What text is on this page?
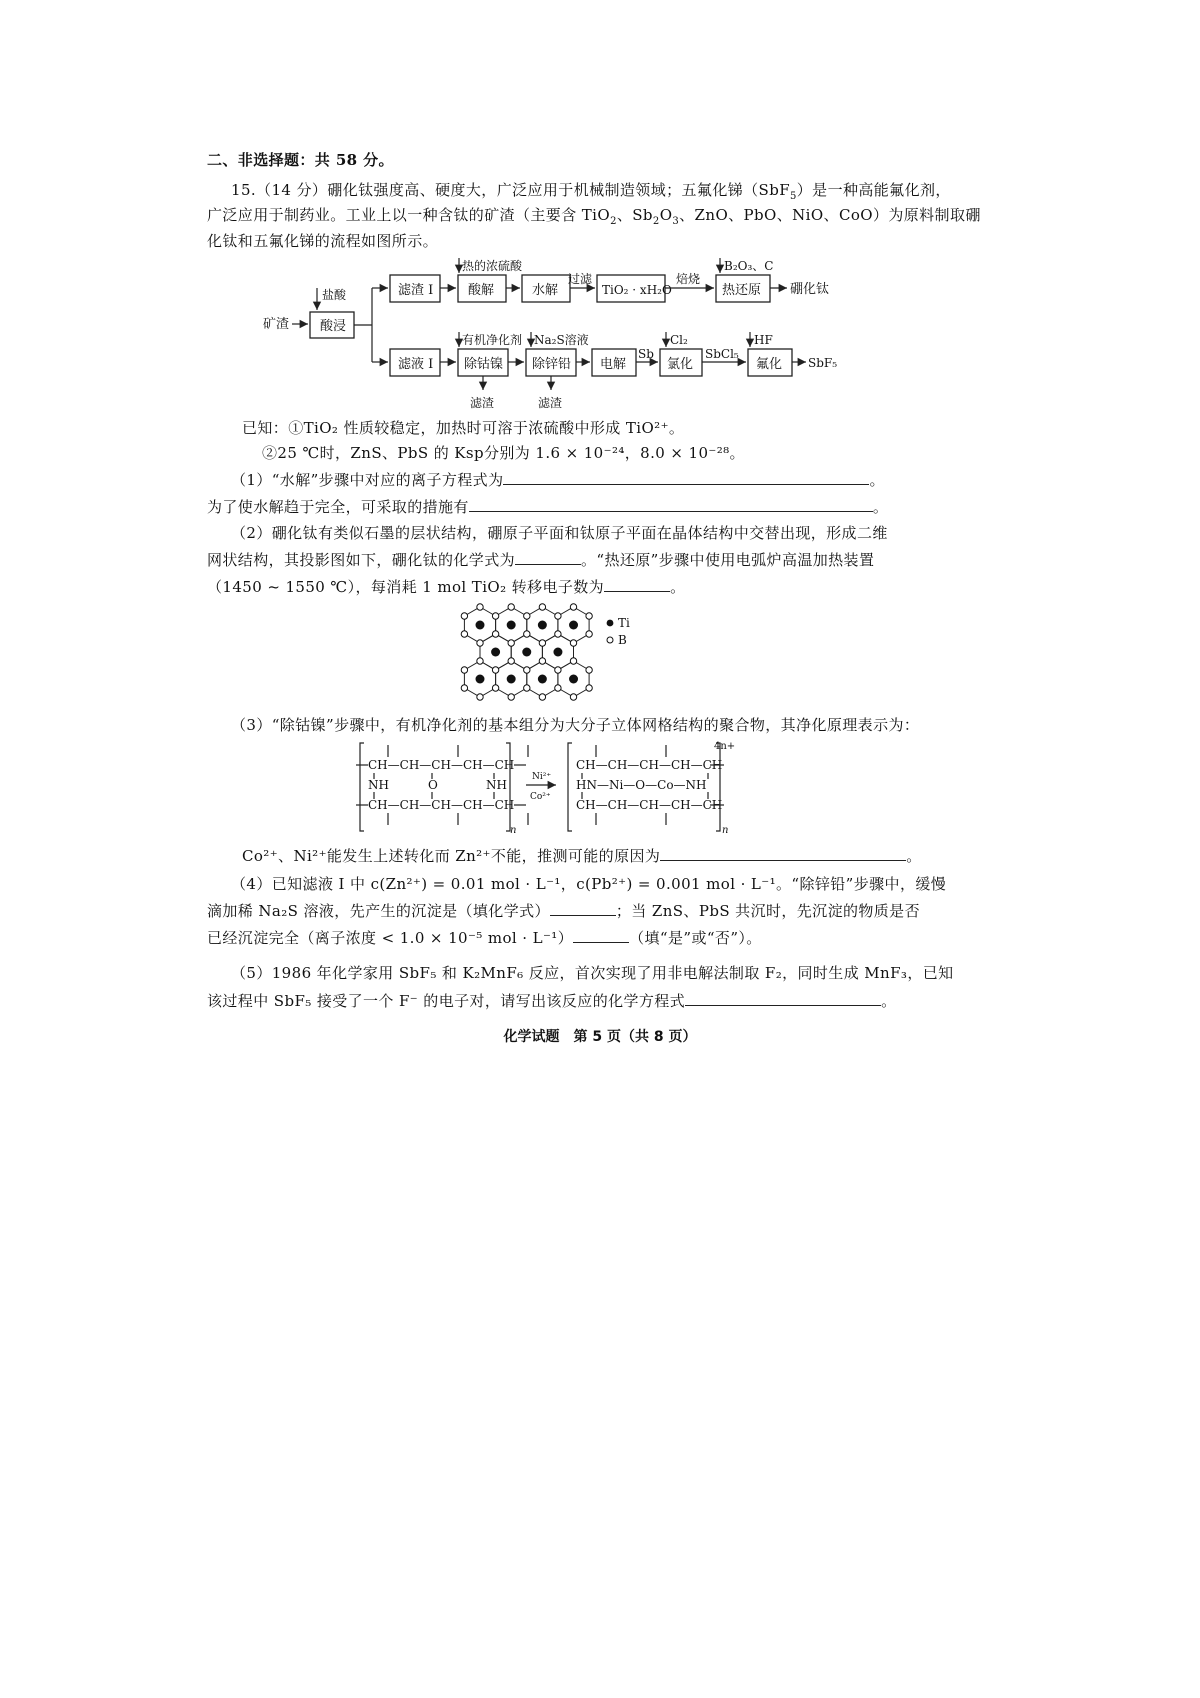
二、非选择题：共 58 分。
15.（14 分）硼化钛强度高、硬度大，广泛应用于机械制造领域；五氟化锑（SbF$_5$）是一种高能氟化剂，
广泛应用于制药业。工业上以一种含钛的矿渣（主要含 TiO$_2$、$Sb_2O_3$、ZnO、PbO、NiO、CoO）为原料制取硼
化钛和五氟化锑的流程如图所示。
矿渣
盐酸
酸浸
滤渣 I
热的浓硫酸
酸解	水解
过滤
TiO₂ · xH₂O
焙烧
B₂O₃、C
热还原 硼化钛
滤液 I
有机净化剂
除钴镍
滤渣
Na₂S溶液
除锌铅
滤渣
电解
Sb
Cl₂
氯化
SbCl₅
HF
氟化 SbF₅
已知：①TiO₂ 性质较稳定，加热时可溶于浓硫酸中形成 TiO²⁺。
②25 ℃时，ZnS、PbS 的 Ksp分别为 1.6 × 10⁻²⁴，8.0 × 10⁻²⁸。
（1）“水解”步骤中对应的离子方程式为	。
为了使水解趋于完全，可采取的措施有	。
（2）硼化钛有类似石墨的层状结构，硼原子平面和钛原子平面在晶体结构中交替出现，形成二维
网状结构，其投影图如下，硼化钛的化学式为	。“热还原”步骤中使用电弧炉高温加热装置
（1450 ~ 1550 ℃），每消耗 1 mol TiO₂ 转移电子数为	。
Ti
B
（3）“除钴镍”步骤中，有机净化剂的基本组分为大分子立体网格结构的聚合物，其净化原理表示为：
CH—CH—CH—CH—CH
CH—CH—CH—CH—CH
NH	O	NH
n
Ni²⁺
Co²⁺
CH—CH—CH—CH—CH
HN—Ni—O—Co—NH
CH—CH—CH—CH—CH
4n+
n
Co²⁺、Ni²⁺能发生上述转化而 Zn²⁺不能，推测可能的原因为	。
（4）已知滤液 I 中 c(Zn²⁺) = 0.01 mol · L⁻¹，c(Pb²⁺) = 0.001 mol · L⁻¹。“除锌铅”步骤中，缓慢
滴加稀 Na₂S 溶液，先产生的沉淀是（填化学式）	；当 ZnS、PbS 共沉时，先沉淀的物质是否
已经沉淀完全（离子浓度 < 1.0 × 10⁻⁵ mol · L⁻¹）	（填“是”或“否”）。
（5）1986 年化学家用 SbF₅ 和 K₂MnF₆ 反应，首次实现了用非电解法制取 F₂，同时生成 MnF₃，已知
该过程中 SbF₅ 接受了一个 F⁻ 的电子对，请写出该反应的化学方程式	。
化学试题　第 5 页（共 8 页）
